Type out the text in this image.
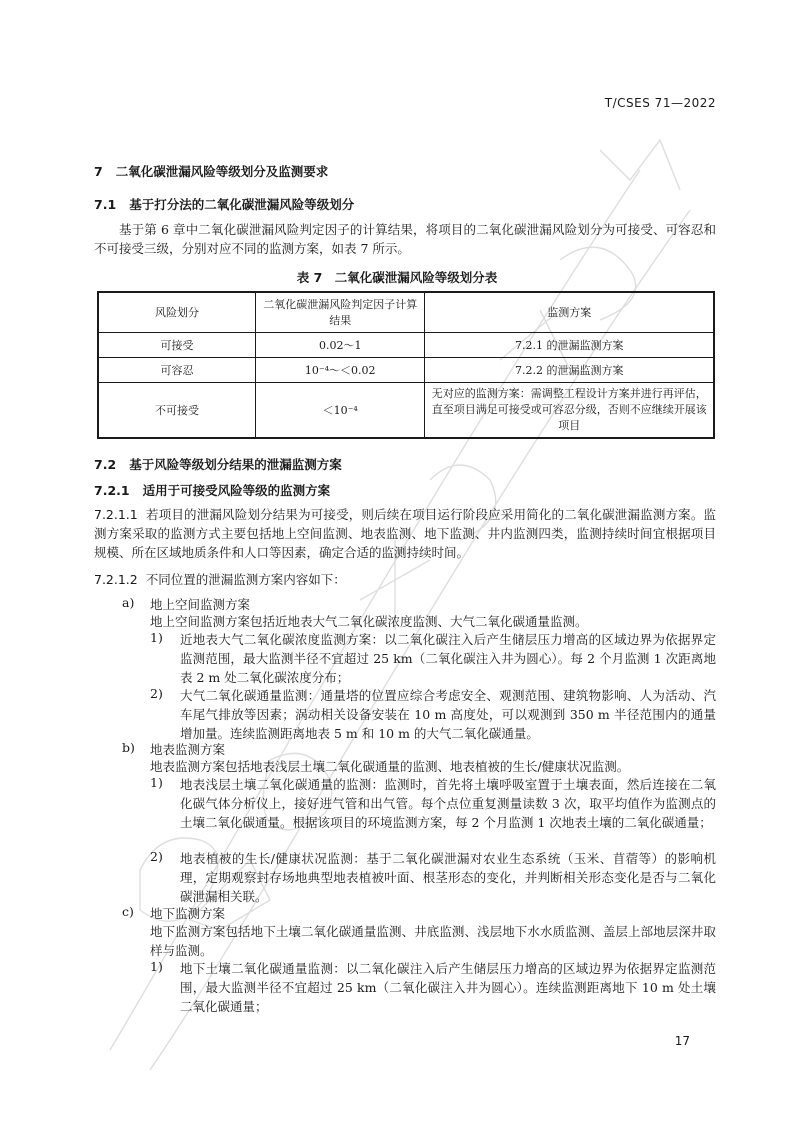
T/CSES 71—2022
7 二氧化碳泄漏风险等级划分及监测要求
7.1 基于打分法的二氧化碳泄漏风险等级划分
基于第 6 章中二氧化碳泄漏风险判定因子的计算结果，将项目的二氧化碳泄漏风险划分为可接受、可容忍和不可接受三级，分别对应不同的监测方案，如表 7 所示。
表 7　二氧化碳泄漏风险等级划分表
风险划分	二氧化碳泄漏风险判定因子计算结果	监测方案
可接受	0.02～1	7.2.1 的泄漏监测方案
可容忍	10⁻⁴～＜0.02	7.2.2 的泄漏监测方案
不可接受	＜10⁻⁴	无对应的监测方案：需调整工程设计方案并进行再评估，直至项目满足可接受或可容忍分级，否则不应继续开展该项目
7.2 基于风险等级划分结果的泄漏监测方案
7.2.1 适用于可接受风险等级的监测方案
7.2.1.1 若项目的泄漏风险划分结果为可接受，则后续在项目运行阶段应采用简化的二氧化碳泄漏监测方案。监测方案采取的监测方式主要包括地上空间监测、地表监测、地下监测、井内监测四类，监测持续时间宜根据项目规模、所在区域地质条件和人口等因素，确定合适的监测持续时间。
7.2.1.2 不同位置的泄漏监测方案内容如下：
a) 地上空间监测方案
地上空间监测方案包括近地表大气二氧化碳浓度监测、大气二氧化碳通量监测。
1) 近地表大气二氧化碳浓度监测方案：以二氧化碳注入后产生储层压力增高的区域边界为依据界定监测范围，最大监测半径不宜超过 25 km（二氧化碳注入井为圆心）。每 2 个月监测 1 次距离地表 2 m 处二氧化碳浓度分布；
2) 大气二氧化碳通量监测：通量塔的位置应综合考虑安全、观测范围、建筑物影响、人为活动、汽车尾气排放等因素；涡动相关设备安装在 10 m 高度处，可以观测到 350 m 半径范围内的通量增加量。连续监测距离地表 5 m 和 10 m 的大气二氧化碳通量。
b) 地表监测方案
地表监测方案包括地表浅层土壤二氧化碳通量的监测、地表植被的生长/健康状况监测。
1) 地表浅层土壤二氧化碳通量的监测：监测时，首先将土壤呼吸室置于土壤表面，然后连接在二氧化碳气体分析仪上，接好进气管和出气管。每个点位重复测量读数 3 次，取平均值作为监测点的土壤二氧化碳通量。根据该项目的环境监测方案，每 2 个月监测 1 次地表土壤的二氧化碳通量；
2) 地表植被的生长/健康状况监测：基于二氧化碳泄漏对农业生态系统（玉米、苜蓿等）的影响机理，定期观察封存场地典型地表植被叶面、根茎形态的变化，并判断相关形态变化是否与二氧化碳泄漏相关联。
c) 地下监测方案
地下监测方案包括地下土壤二氧化碳通量监测、井底监测、浅层地下水水质监测、盖层上部地层深井取样与监测。
1) 地下土壤二氧化碳通量监测：以二氧化碳注入后产生储层压力增高的区域边界为依据界定监测范围，最大监测半径不宜超过 25 km（二氧化碳注入井为圆心）。连续监测距离地下 10 m 处土壤二氧化碳通量；
17
